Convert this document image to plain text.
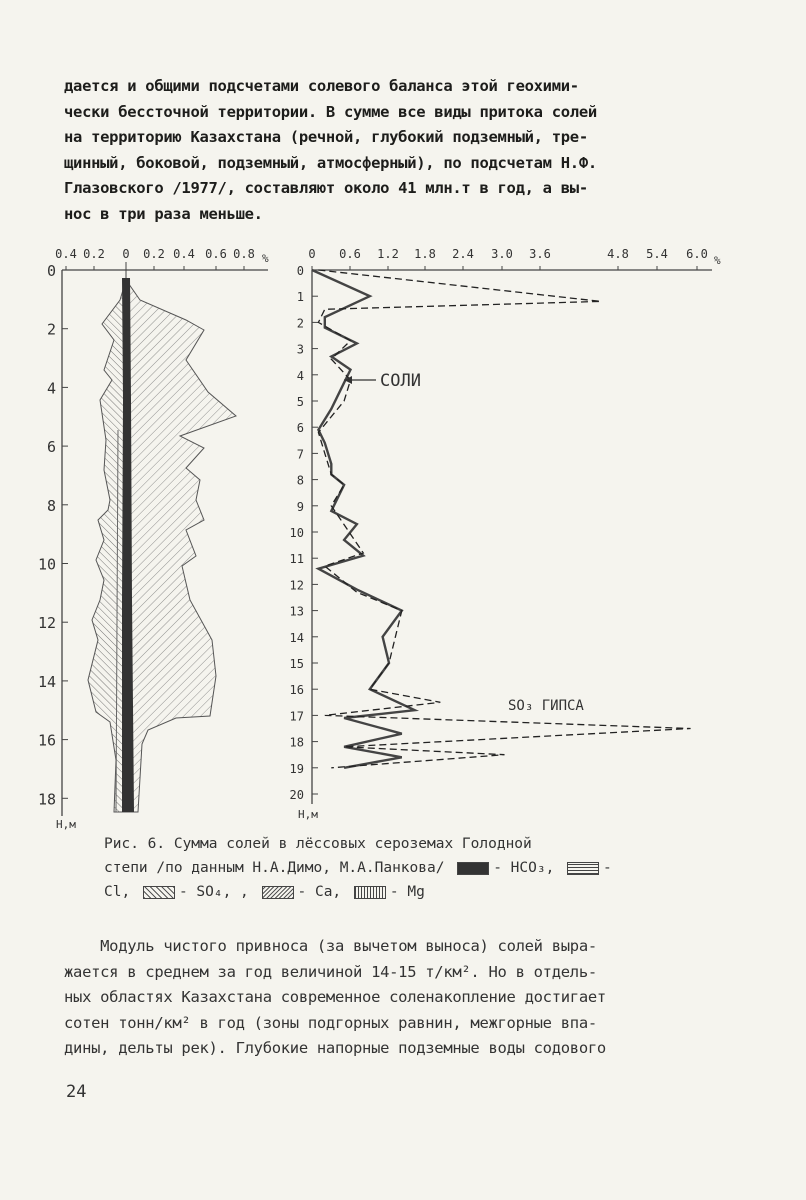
дается и общими подсчетами солевого баланса этой геохими-
чески бессточной территории. В сумме все виды притока солей
на территорию Казахстана (речной, глубокий подземный, тре-
щинный, боковой, подземный, атмосферный), по подсчетам Н.Ф.
Глазовского /1977/, составляют около 41 млн.т в год, а вы-
нос в три раза меньше.

0.4 0.2 0 0.2 0.4 0.6 0.8 %
0
2
4
6
8
10
12
14
16
18
Н,м
0 0.6 1.2 1.8 2.4 3.0 3.6	4.8 5.4 6.0 %
0
1
2
3
4
5
6
7
8
9
10
11
12
13
14
15
16
17
18
19
20
СОЛИ
SO₃ ГИПСА
Н,м
Рис. 6. Сумма солей в лёссовых сероземах Голодной
степи /по данным Н.А.Димо, М.А.Панкова/	- HCO₃,	-
Cl,	- SO₄, ,	- Ca,	- Mg

Модуль чистого привноса (за вычетом выноса) солей выра-
жается в среднем за год величиной 14-15 т/км². Но в отдель-
ных областях Казахстана современное соленакопление достигает
сотен тонн/км² в год (зоны подгорных равнин, межгорные впа-
дины, дельты рек). Глубокие напорные подземные воды содового

24
